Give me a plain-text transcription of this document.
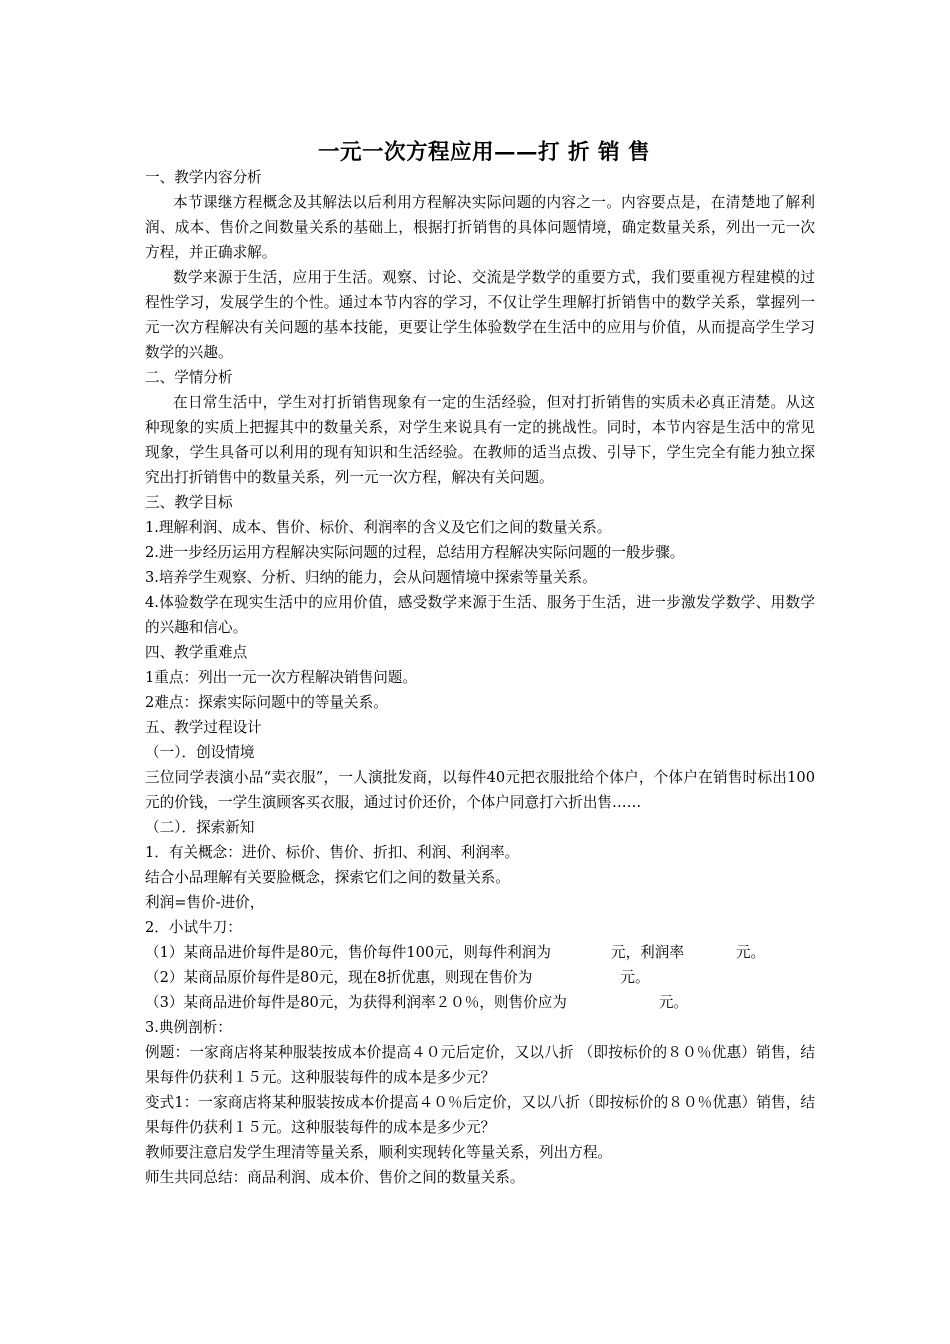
一元一次方程应用——打 折 销 售

一、教学内容分析

本节课继方程概念及其解法以后利用方程解决实际问题的内容之一。内容要点是，在清楚地了解利润、成本、售价之间数量关系的基础上，根据打折销售的具体问题情境，确定数量关系，列出一元一次方程，并正确求解。

数学来源于生活，应用于生活。观察、讨论、交流是学数学的重要方式，我们要重视方程建模的过程性学习，发展学生的个性。通过本节内容的学习，不仅让学生理解打折销售中的数学关系，掌握列一元一次方程解决有关问题的基本技能，更要让学生体验数学在生活中的应用与价值，从而提高学生学习数学的兴趣。

二、学情分析

在日常生活中，学生对打折销售现象有一定的生活经验，但对打折销售的实质未必真正清楚。从这种现象的实质上把握其中的数量关系，对学生来说具有一定的挑战性。同时，本节内容是生活中的常见现象，学生具备可以利用的现有知识和生活经验。在教师的适当点拨、引导下，学生完全有能力独立探究出打折销售中的数量关系，列一元一次方程，解决有关问题。

三、教学目标

1.理解利润、成本、售价、标价、利润率的含义及它们之间的数量关系。

2.进一步经历运用方程解决实际问题的过程，总结用方程解决实际问题的一般步骤。

3.培养学生观察、分析、归纳的能力，会从问题情境中探索等量关系。

4.体验数学在现实生活中的应用价值，感受数学来源于生活、服务于生活，进一步激发学数学、用数学的兴趣和信心。

四、教学重难点

1重点：列出一元一次方程解决销售问题。

2难点：探索实际问题中的等量关系。

五、教学过程设计

（一）．创设情境

三位同学表演小品“卖衣服”，一人演批发商，以每件40元把衣服批给个体户，个体户在销售时标出100元的价钱，一学生演顾客买衣服，通过讨价还价，个体户同意打六折出售……

（二）．探索新知

1．有关概念：进价、标价、售价、折扣、利润、利润率。

结合小品理解有关要脸概念，探索它们之间的数量关系。

利润=售价-进价，

2．小试牛刀：

（1）某商品进价每件是80元，售价每件100元，则每件利润为	元，利润率	元。

（2）某商品原价每件是80元，现在8折优惠，则现在售价为	元。

（3）某商品进价每件是80元，为获得利润率２０％，则售价应为	元。

3.典例剖析：

例题：一家商店将某种服装按成本价提高４０元后定价，又以八折 （即按标价的８０％优惠）销售，结果每件仍获利１５元。这种服装每件的成本是多少元？

变式1：一家商店将某种服装按成本价提高４０％后定价，又以八折（即按标价的８０％优惠）销售，结果每件仍获利１５元。这种服装每件的成本是多少元？

教师要注意启发学生理清等量关系，顺利实现转化等量关系，列出方程。

师生共同总结：商品利润、成本价、售价之间的数量关系。
